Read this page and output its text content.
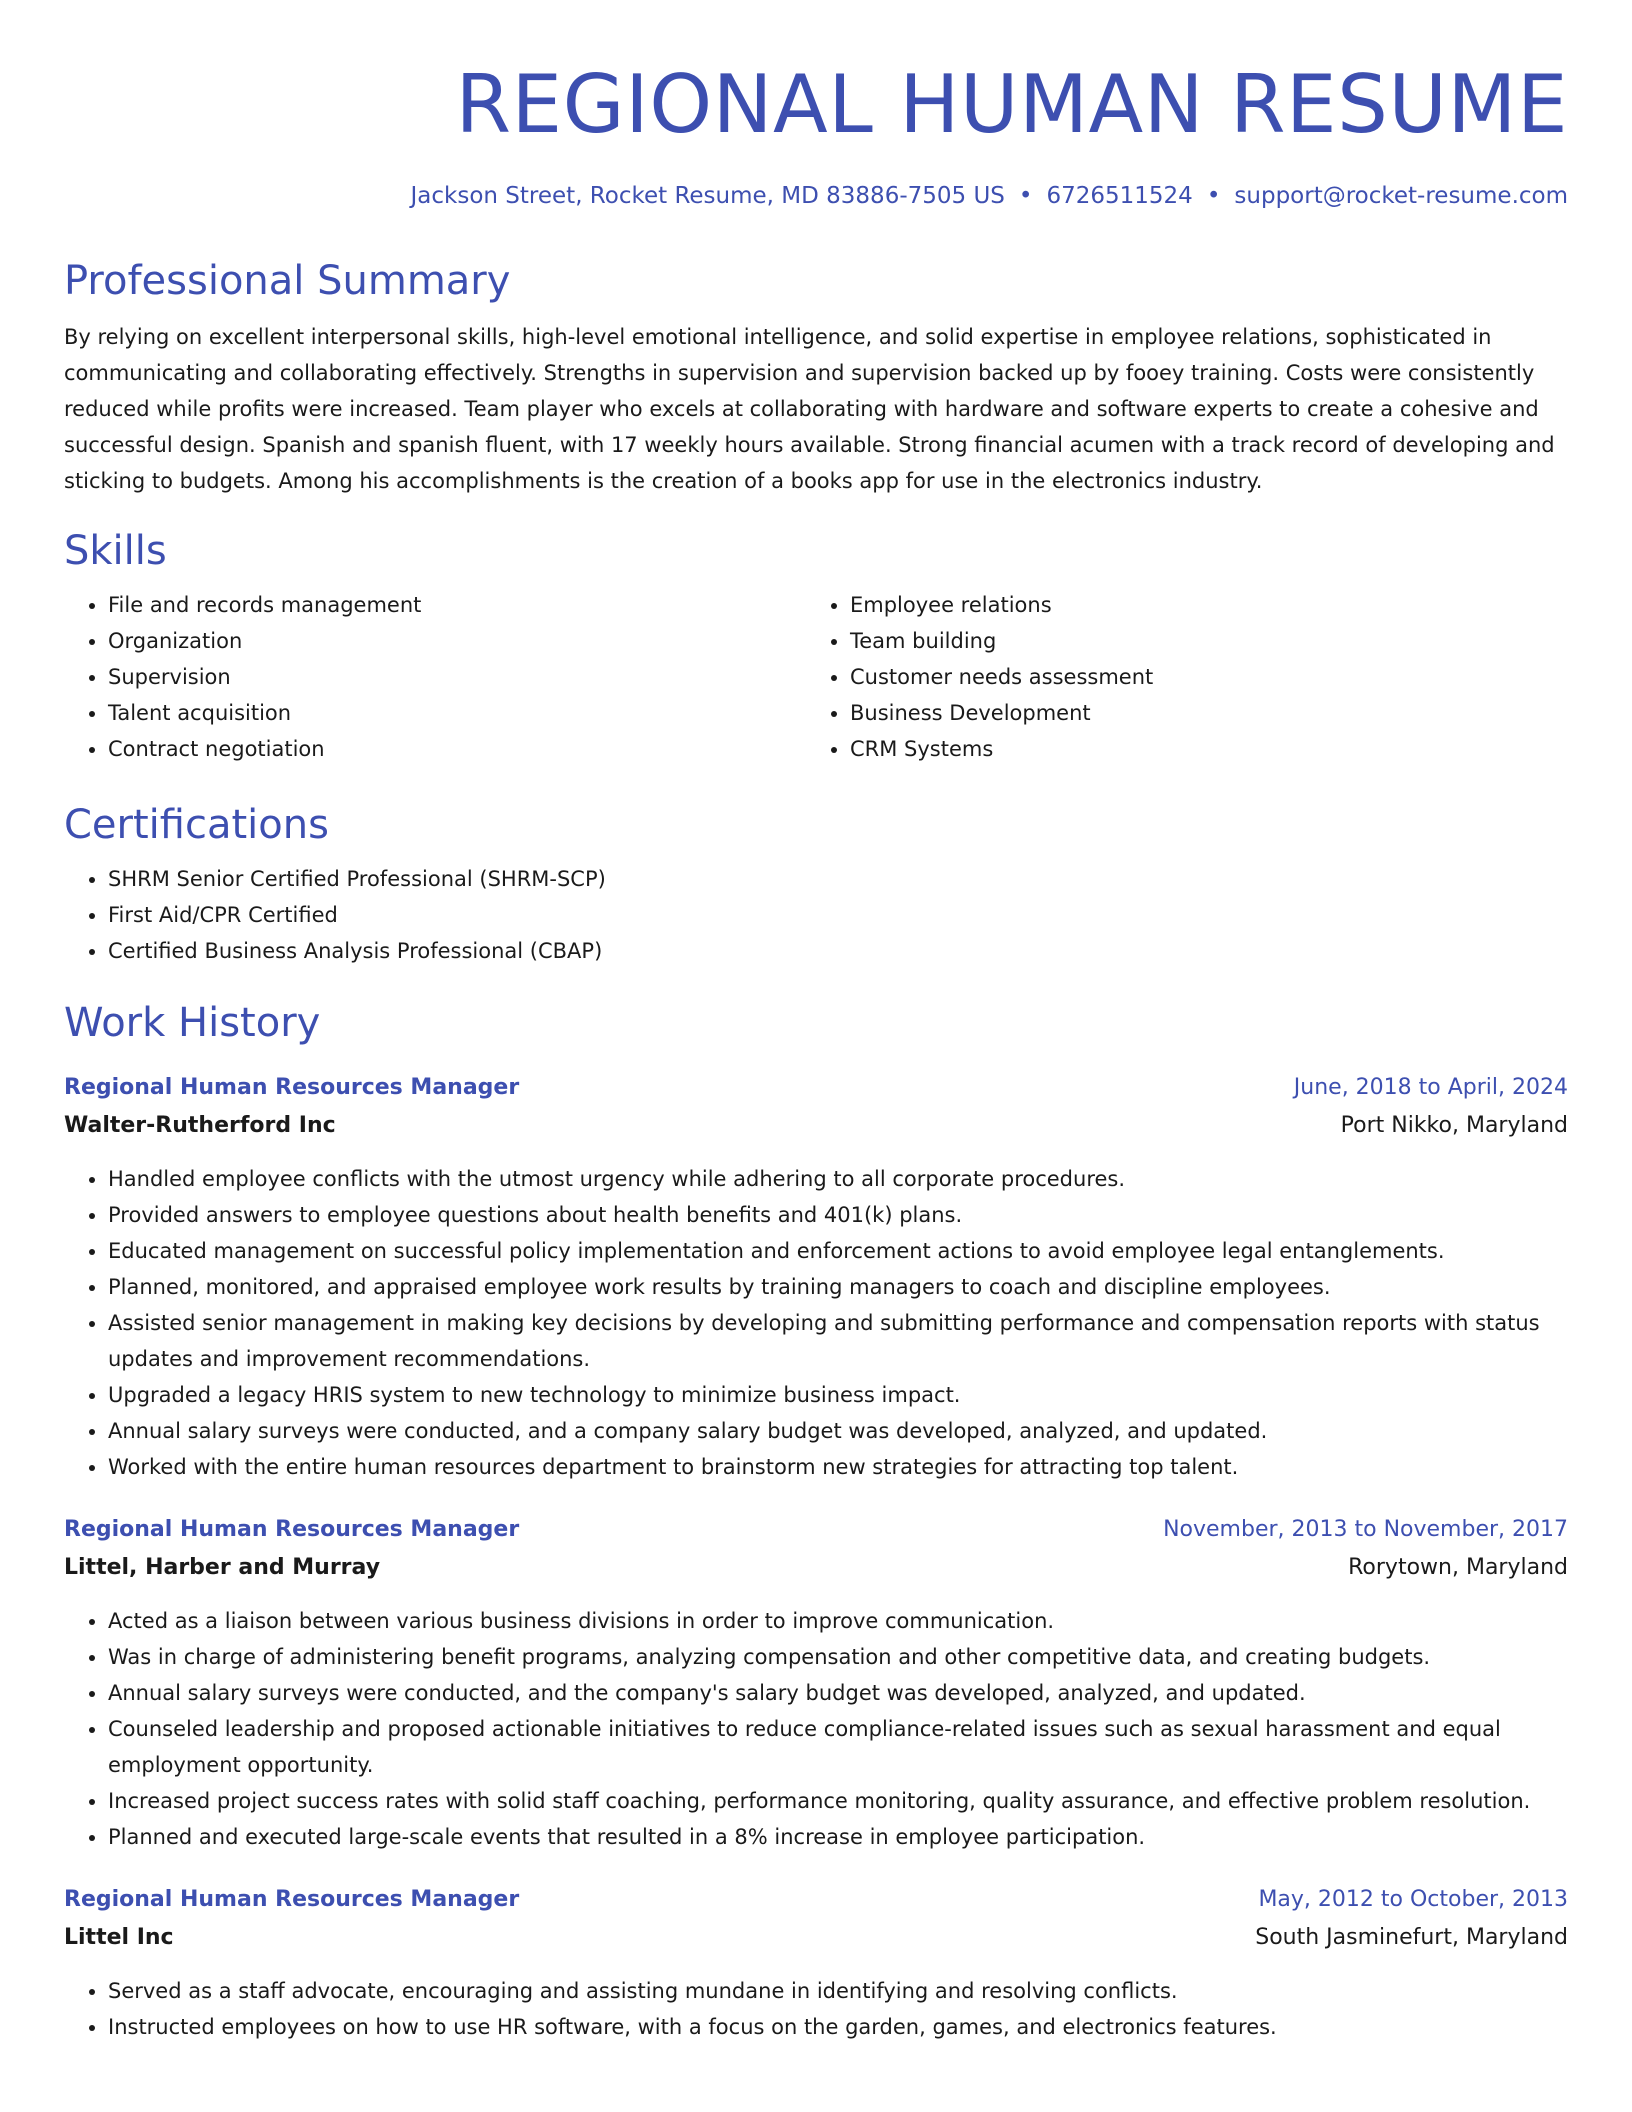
REGIONAL HUMAN RESUME
Jackson Street, Rocket Resume, MD 83886-7505 US • 6726511524 • support@rocket-resume.com
Professional Summary
By relying on excellent interpersonal skills, high-level emotional intelligence, and solid expertise in employee relations, sophisticated in communicating and collaborating effectively. Strengths in supervision and supervision backed up by fooey training. Costs were consistently reduced while profits were increased. Team player who excels at collaborating with hardware and software experts to create a cohesive and successful design. Spanish and spanish fluent, with 17 weekly hours available. Strong financial acumen with a track record of developing and sticking to budgets. Among his accomplishments is the creation of a books app for use in the electronics industry.
Skills
• File and records management
• Organization
• Supervision
• Talent acquisition
• Contract negotiation
• Employee relations
• Team building
• Customer needs assessment
• Business Development
• CRM Systems
Certifications
• SHRM Senior Certified Professional (SHRM-SCP)
• First Aid/CPR Certified
• Certified Business Analysis Professional (CBAP)
Work History
Regional Human Resources Manager	June, 2018 to April, 2024
Walter-Rutherford Inc	Port Nikko, Maryland
• Handled employee conflicts with the utmost urgency while adhering to all corporate procedures.
• Provided answers to employee questions about health benefits and 401(k) plans.
• Educated management on successful policy implementation and enforcement actions to avoid employee legal entanglements.
• Planned, monitored, and appraised employee work results by training managers to coach and discipline employees.
• Assisted senior management in making key decisions by developing and submitting performance and compensation reports with status updates and improvement recommendations.
• Upgraded a legacy HRIS system to new technology to minimize business impact.
• Annual salary surveys were conducted, and a company salary budget was developed, analyzed, and updated.
• Worked with the entire human resources department to brainstorm new strategies for attracting top talent.
Regional Human Resources Manager	November, 2013 to November, 2017
Littel, Harber and Murray	Rorytown, Maryland
• Acted as a liaison between various business divisions in order to improve communication.
• Was in charge of administering benefit programs, analyzing compensation and other competitive data, and creating budgets.
• Annual salary surveys were conducted, and the company's salary budget was developed, analyzed, and updated.
• Counseled leadership and proposed actionable initiatives to reduce compliance-related issues such as sexual harassment and equal employment opportunity.
• Increased project success rates with solid staff coaching, performance monitoring, quality assurance, and effective problem resolution.
• Planned and executed large-scale events that resulted in a 8% increase in employee participation.
Regional Human Resources Manager	May, 2012 to October, 2013
Littel Inc	South Jasminefurt, Maryland
• Served as a staff advocate, encouraging and assisting mundane in identifying and resolving conflicts.
• Instructed employees on how to use HR software, with a focus on the garden, games, and electronics features.
